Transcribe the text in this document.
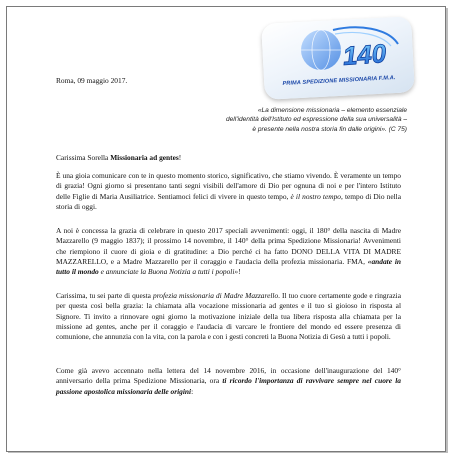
140
PRIMA SPEDIZIONE MISSIONARIA F.M.A.
Roma, 09 maggio 2017.
«La dimensione missionaria – elemento essenziale
dell'identità dell'Istituto ed espressione della sua universalità –
è presente nella nostra storia fin dalle origini». (C 75)

Carissima Sorella Missionaria ad gentes!

È una gioia comunicare con te in questo momento storico, significativo, che stiamo vivendo. È veramente un tempo di grazia! Ogni giorno si presentano tanti segni visibili dell'amore di Dio per ognuna di noi e per l'intero Istituto delle Figlie di Maria Ausiliatrice. Sentiamoci felici di vivere in questo tempo, è il nostro tempo, tempo di Dio nella storia di oggi.

A noi è concessa la grazia di celebrare in questo 2017 speciali avvenimenti: oggi, il 180° della nascita di Madre Mazzarello (9 maggio 1837); il prossimo 14 novembre, il 140° della prima Spedizione Missionaria! Avvenimenti che riempiono il cuore di gioia e di gratitudine: a Dio perché ci ha fatto DONO DELLA VITA DI MADRE MAZZARELLO, e a Madre Mazzarello per il coraggio e l'audacia della profezia missionaria. FMA, «andate in tutto il mondo e annunciate la Buona Notizia a tutti i popoli»!

Carissima, tu sei parte di questa profezia missionaria di Madre Mazzarello. Il tuo cuore certamente gode e ringrazia per questa così bella grazia: la chiamata alla vocazione missionaria ad gentes e il tuo sì gioioso in risposta al Signore. Ti invito a rinnovare ogni giorno la motivazione iniziale della tua libera risposta alla chiamata per la missione ad gentes, anche per il coraggio e l'audacia di varcare le frontiere del mondo ed essere presenza di comunione, che annunzia con la vita, con la parola e con i gesti concreti la Buona Notizia di Gesù a tutti i popoli.

Come già avevo accennato nella lettera del 14 novembre 2016, in occasione dell'inaugurazione del 140° anniversario della prima Spedizione Missionaria, ora ti ricordo l'importanza di ravvivare sempre nel cuore la passione apostolica missionaria delle origini:
